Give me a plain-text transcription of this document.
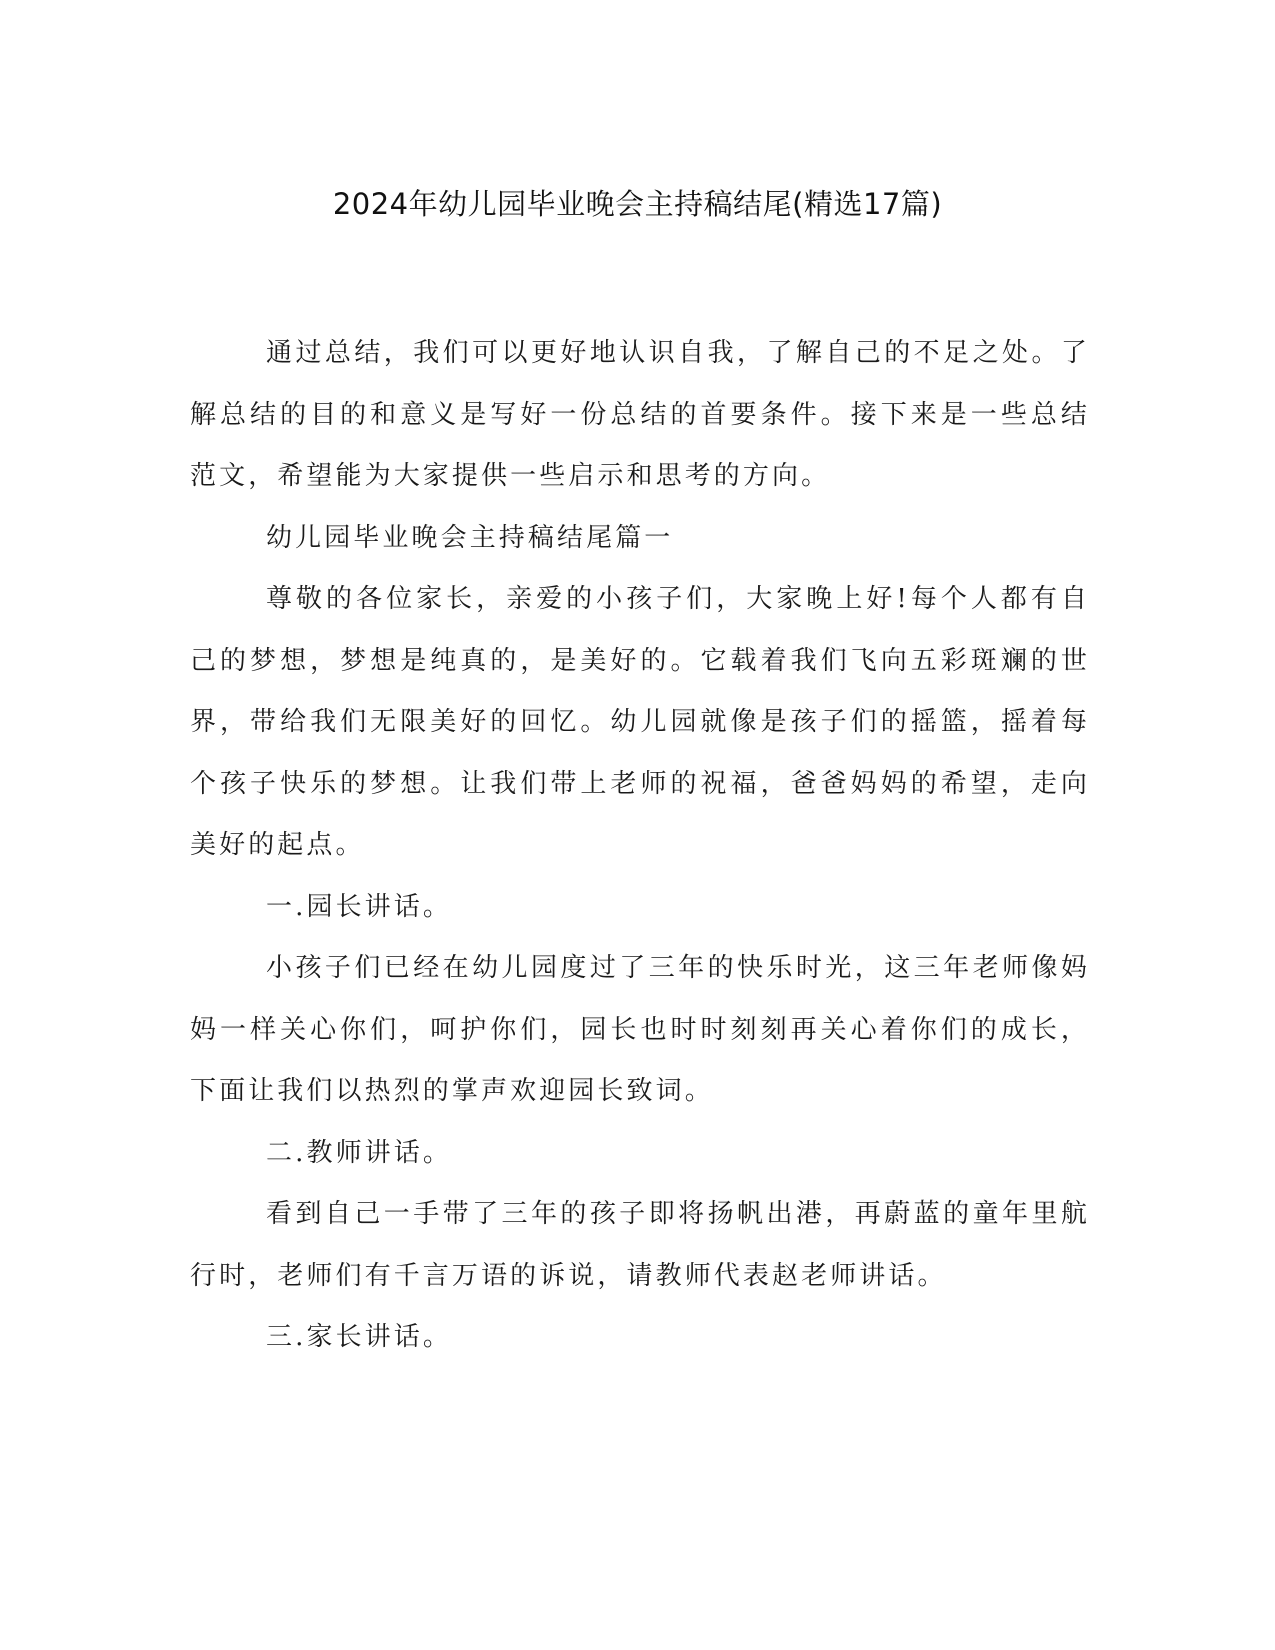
2024年幼儿园毕业晚会主持稿结尾(精选17篇)

通过总结，我们可以更好地认识自我，了解自己的不足之处。了解总结的目的和意义是写好一份总结的首要条件。接下来是一些总结范文，希望能为大家提供一些启示和思考的方向。

幼儿园毕业晚会主持稿结尾篇一

尊敬的各位家长，亲爱的小孩子们，大家晚上好!每个人都有自己的梦想，梦想是纯真的，是美好的。它载着我们飞向五彩斑斓的世界，带给我们无限美好的回忆。幼儿园就像是孩子们的摇篮，摇着每个孩子快乐的梦想。让我们带上老师的祝福，爸爸妈妈的希望，走向美好的起点。

一.园长讲话。

小孩子们已经在幼儿园度过了三年的快乐时光，这三年老师像妈妈一样关心你们，呵护你们，园长也时时刻刻再关心着你们的成长，下面让我们以热烈的掌声欢迎园长致词。

二.教师讲话。

看到自己一手带了三年的孩子即将扬帆出港，再蔚蓝的童年里航行时，老师们有千言万语的诉说，请教师代表赵老师讲话。

三.家长讲话。
